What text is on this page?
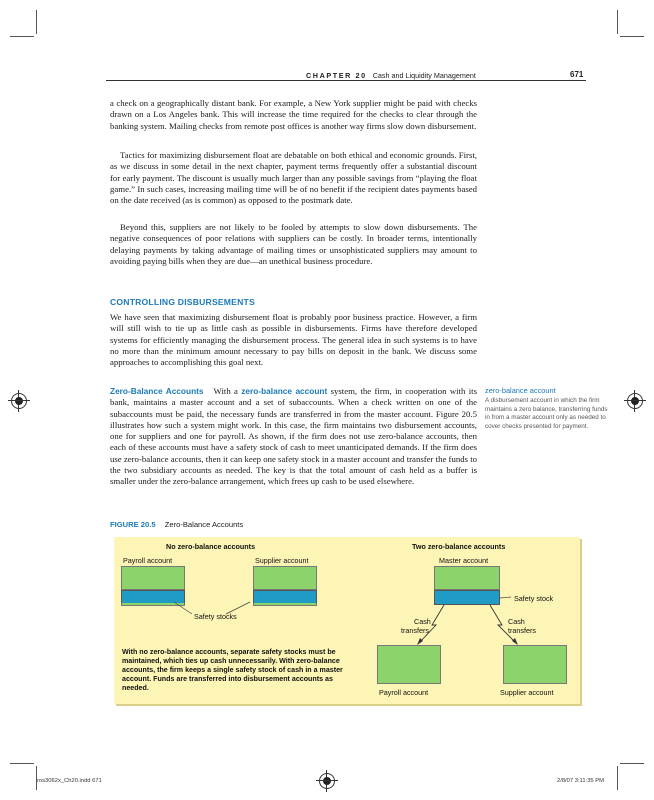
CHAPTER 20 Cash and Liquidity Management	671

a check on a geographically distant bank. For example, a New York supplier might be paid with checks drawn on a Los Angeles bank. This will increase the time required for the checks to clear through the banking system. Mailing checks from remote post offices is another way firms slow down disbursement.

Tactics for maximizing disbursement float are debatable on both ethical and economic grounds. First, as we discuss in some detail in the next chapter, payment terms frequently offer a substantial discount for early payment. The discount is usually much larger than any possible savings from “playing the float game.” In such cases, increasing mailing time will be of no benefit if the recipient dates payments based on the date received (as is common) as opposed to the postmark date.

Beyond this, suppliers are not likely to be fooled by attempts to slow down disbursements. The negative consequences of poor relations with suppliers can be costly. In broader terms, intentionally delaying payments by taking advantage of mailing times or unsophisticated suppliers may amount to avoiding paying bills when they are due—an unethical business procedure.

CONTROLLING DISBURSEMENTS

We have seen that maximizing disbursement float is probably poor business practice. However, a firm will still wish to tie up as little cash as possible in disbursements. Firms have therefore developed systems for efficiently managing the disbursement process. The general idea in such systems is to have no more than the minimum amount necessary to pay bills on deposit in the bank. We discuss some approaches to accomplishing this goal next.

Zero-Balance Accounts With a zero-balance account system, the firm, in cooperation with its bank, maintains a master account and a set of subaccounts. When a check written on one of the subaccounts must be paid, the necessary funds are transferred in from the master account. Figure 20.5 illustrates how such a system might work. In this case, the firm maintains two disbursement accounts, one for suppliers and one for payroll. As shown, if the firm does not use zero-balance accounts, then each of these accounts must have a safety stock of cash to meet unanticipated demands. If the firm does use zero-balance accounts, then it can keep one safety stock in a master account and transfer the funds to the two subsidiary accounts as needed. The key is that the total amount of cash held as a buffer is smaller under the zero-balance arrangement, which frees up cash to be used elsewhere.

zero-balance account
A disbursement account in which the firm maintains a zero balance, transferring funds in from a master account only as needed to cover checks presented for payment.
FIGURE 20.5 Zero-Balance Accounts
No zero-balance accounts	Two zero-balance accounts
Payroll account	Supplier account
Safety stocks
Master account
Safety stock
Cash
transfers
Cash
transfers
Payroll account	Supplier account
With no zero-balance accounts, separate safety stocks must be maintained, which ties up cash unnecessarily. With zero-balance accounts, the firm keeps a single safety stock of cash in a master account. Funds are transferred into disbursement accounts as needed.
ros3062x_Ch20.indd 671	2/8/07 3:11:35 PM
